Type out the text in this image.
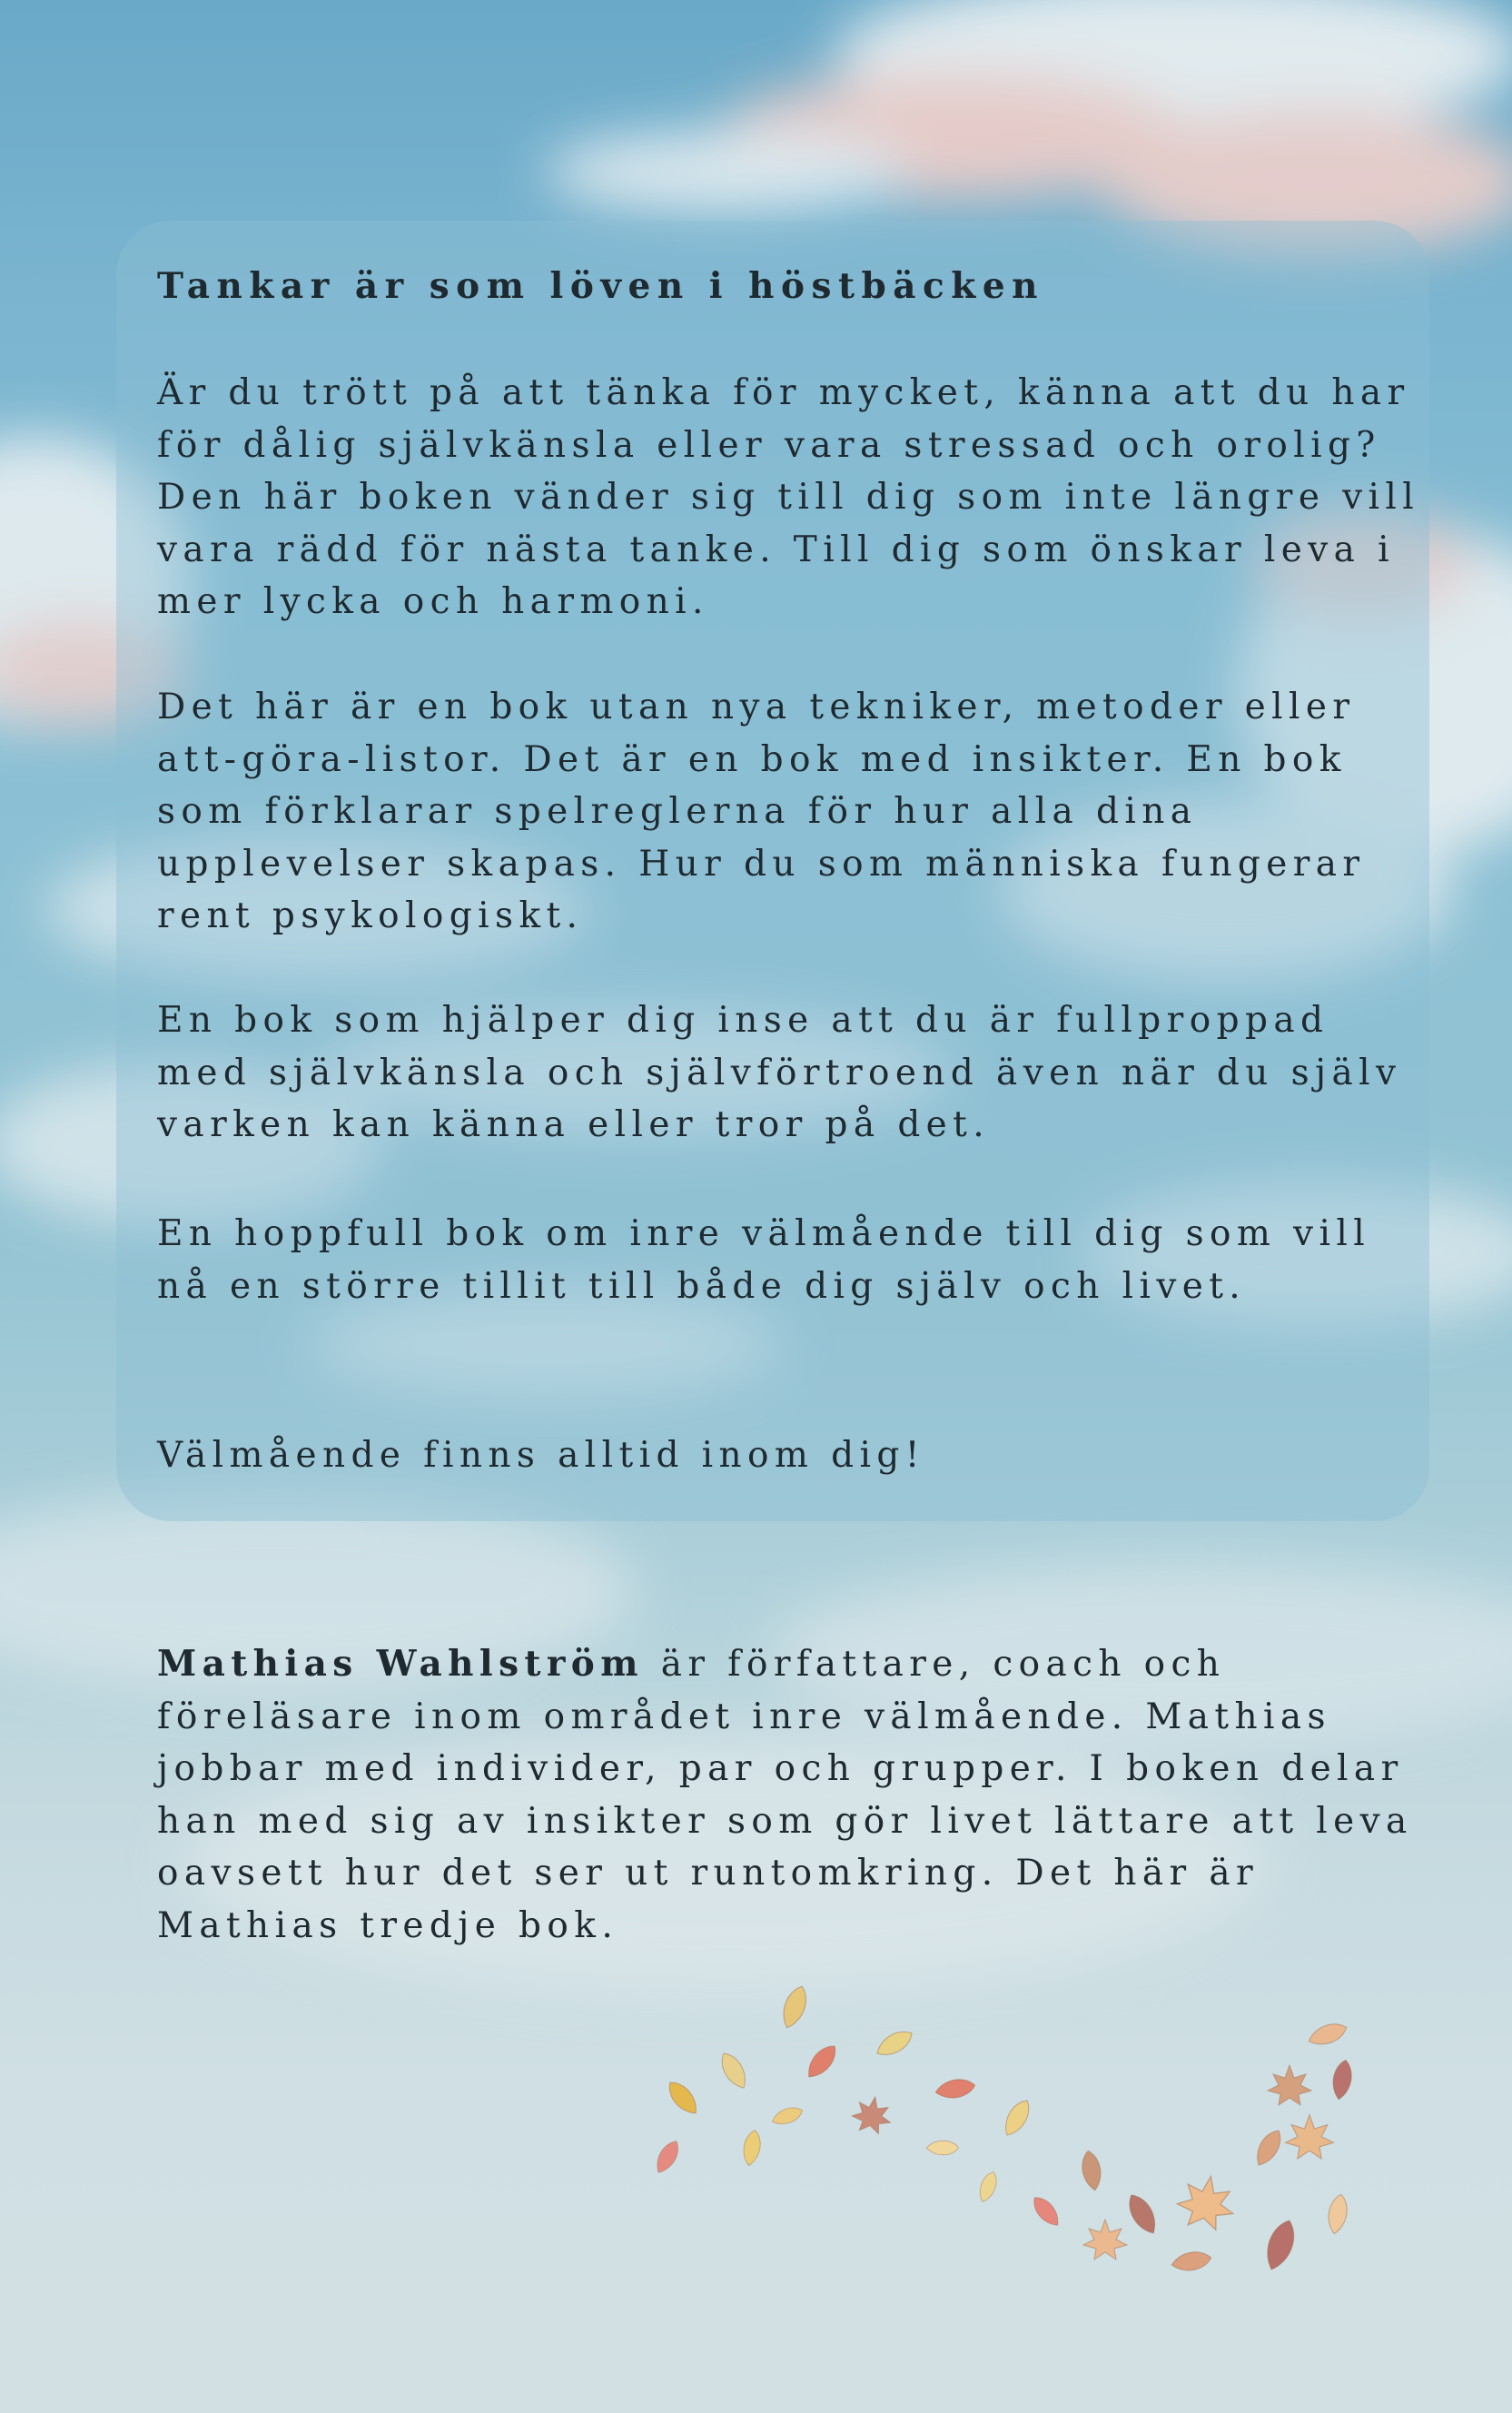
Tankar är som löven i höstbäcken

Är du trött på att tänka för mycket, känna att du har för dålig självkänsla eller vara stressad och orolig? Den här boken vänder sig till dig som inte längre vill vara rädd för nästa tanke. Till dig som önskar leva i mer lycka och harmoni.

Det här är en bok utan nya tekniker, metoder eller att-göra-listor. Det är en bok med insikter. En bok som förklarar spelreglerna för hur alla dina upplevelser skapas. Hur du som människa fungerar rent psykologiskt.

En bok som hjälper dig inse att du är fullproppad med självkänsla och självförtroend även när du själv varken kan känna eller tror på det.

En hoppfull bok om inre välmående till dig som vill nå en större tillit till både dig själv och livet.

Välmående finns alltid inom dig!

Mathias Wahlström är författare, coach och föreläsare inom området inre välmående. Mathias jobbar med individer, par och grupper. I boken delar han med sig av insikter som gör livet lättare att leva oavsett hur det ser ut runtomkring. Det här är Mathias tredje bok.
